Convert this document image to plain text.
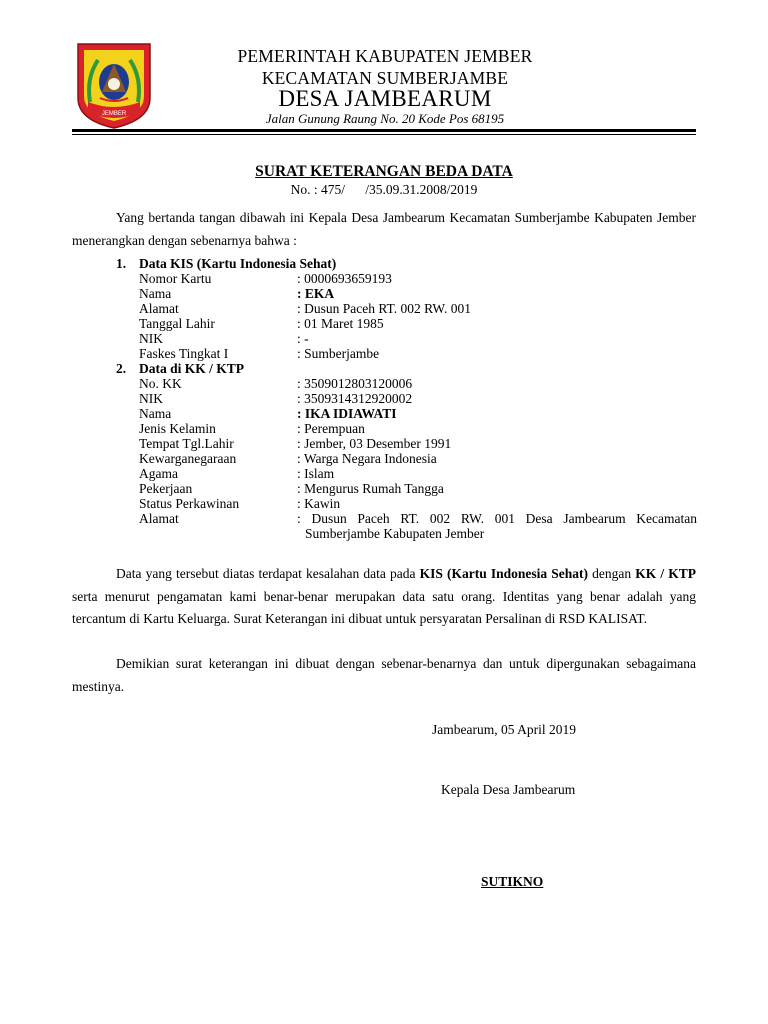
JEMBER
PEMERINTAH KABUPATEN JEMBER
KECAMATAN SUMBERJAMBE
DESA JAMBEARUM
Jalan Gunung Raung No. 20 Kode Pos 68195
SURAT KETERANGAN BEDA DATA
No. : 475/      /35.09.31.2008/2019
Yang bertanda tangan dibawah ini Kepala Desa Jambearum Kecamatan Sumberjambe Kabupaten Jember menerangkan dengan sebenarnya bahwa :
1. Data KIS (Kartu Indonesia Sehat)
Nomor Kartu	: 0000693659193
Nama	: EKA
Alamat	: Dusun Paceh RT. 002 RW. 001
Tanggal Lahir	: 01 Maret 1985
NIK	: -
Faskes Tingkat I	: Sumberjambe
2. Data di KK / KTP
No. KK	: 3509012803120006
NIK	: 3509314312920002
Nama	: IKA IDIAWATI
Jenis Kelamin	: Perempuan
Tempat Tgl.Lahir	: Jember, 03 Desember 1991
Kewarganegaraan	: Warga Negara Indonesia
Agama	: Islam
Pekerjaan	: Mengurus Rumah Tangga
Status Perkawinan	: Kawin
Alamat	: Dusun Paceh RT. 002 RW. 001 Desa Jambearum Kecamatan
Sumberjambe Kabupaten Jember
Data yang tersebut diatas terdapat kesalahan data pada KIS (Kartu Indonesia Sehat) dengan KK / KTP serta menurut pengamatan kami benar-benar merupakan data satu orang. Identitas yang benar adalah yang tercantum di Kartu Keluarga. Surat Keterangan ini dibuat untuk persyaratan Persalinan di RSD KALISAT.
Demikian surat keterangan ini dibuat dengan sebenar-benarnya dan untuk dipergunakan sebagaimana mestinya.
Jambearum, 05 April 2019
Kepala Desa Jambearum
SUTIKNO
